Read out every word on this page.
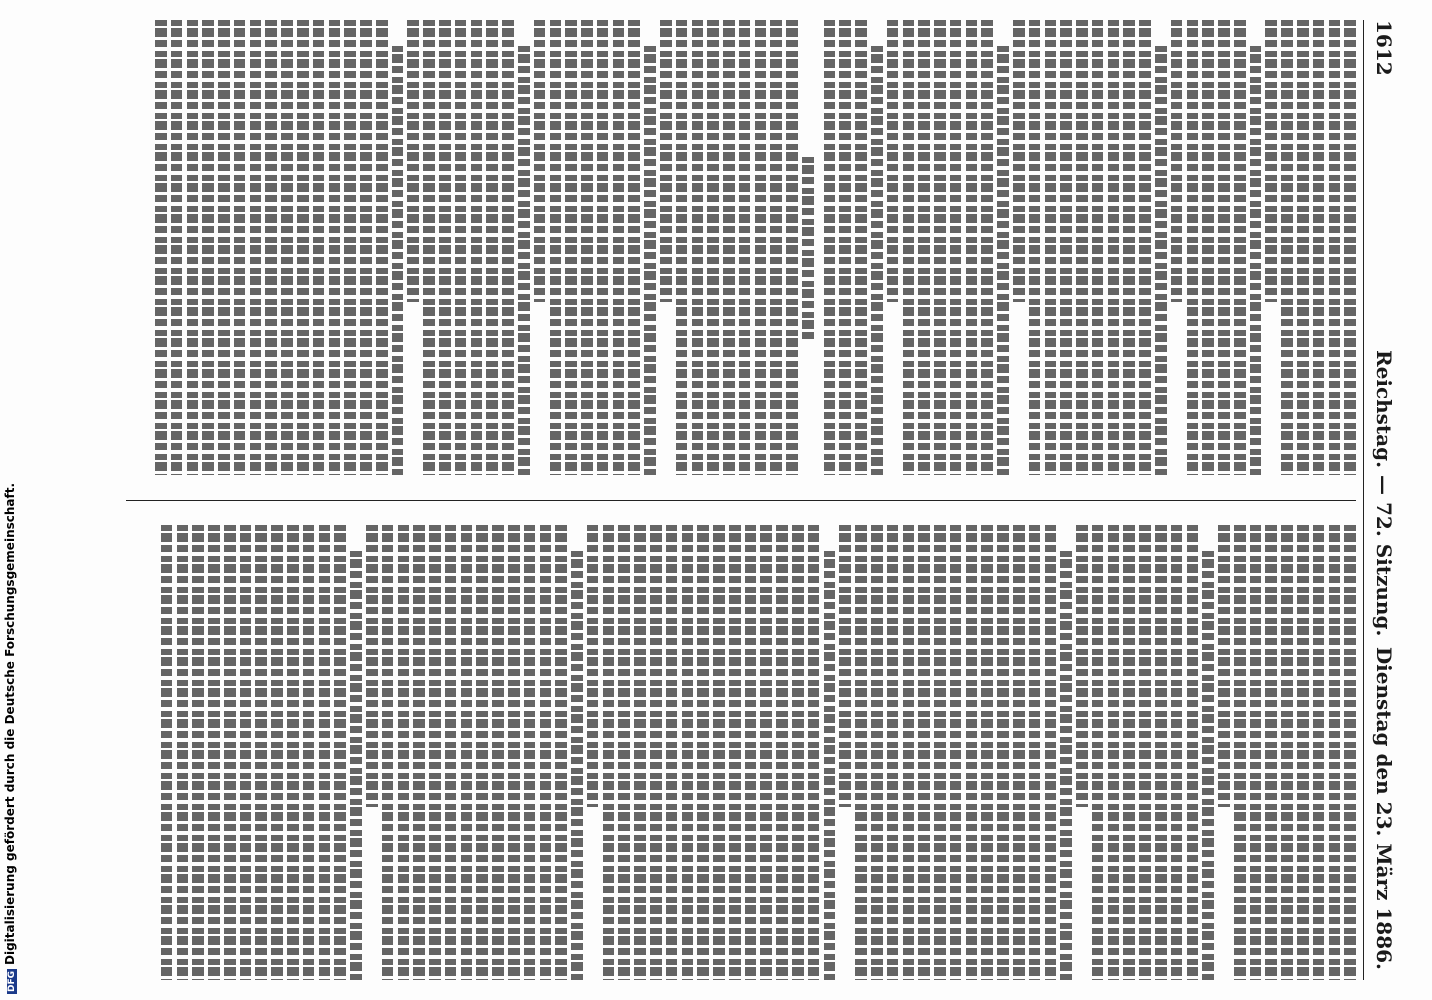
1612
Reichstag. — 72. Sitzung.
Dienstag den 23. März 1886.
DFGDigitalisierung gefördert durch die Deutsche Forschungsgemeinschaft.
